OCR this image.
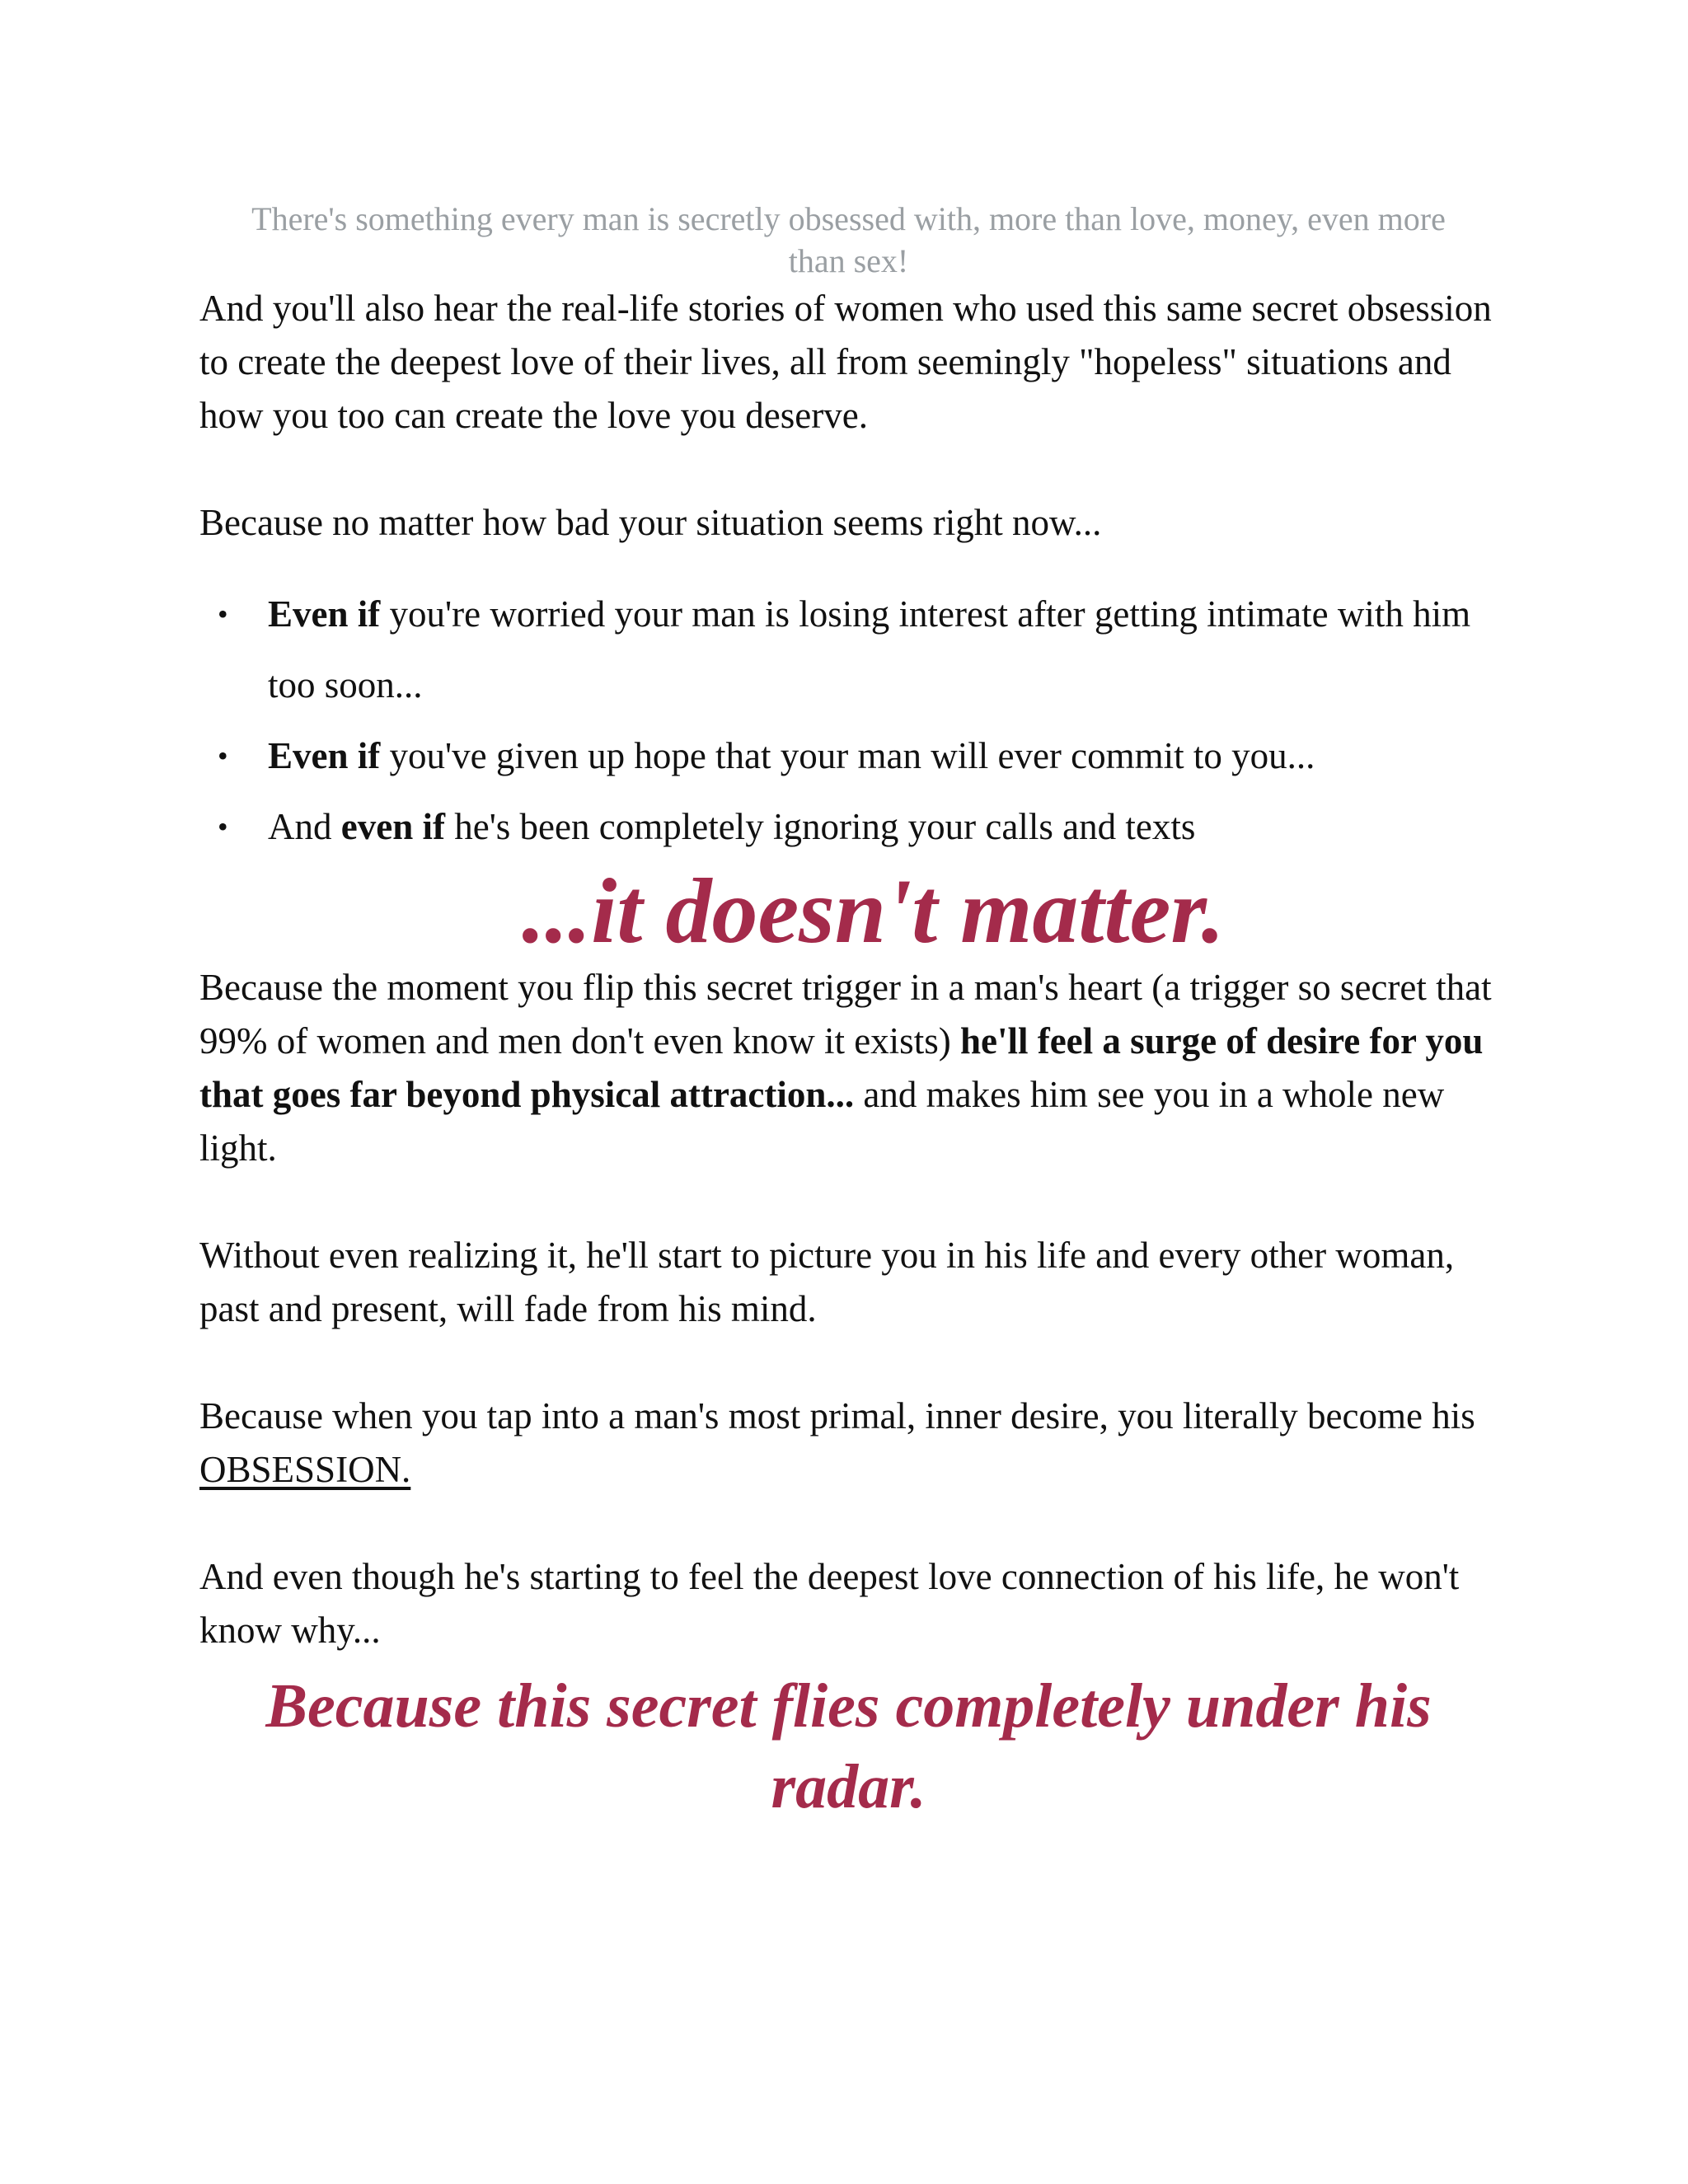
There's something every man is secretly obsessed with, more than love, money, even more than sex!

And you'll also hear the real-life stories of women who used this same secret obsession to create the deepest love of their lives, all from seemingly "hopeless" situations and how you too can create the love you deserve.

Because no matter how bad your situation seems right now...

• Even if you're worried your man is losing interest after getting intimate with him too soon...
• Even if you've given up hope that your man will ever commit to you...
• And even if he's been completely ignoring your calls and texts
...it doesn't matter.

Because the moment you flip this secret trigger in a man's heart (a trigger so secret that 99% of women and men don't even know it exists) he'll feel a surge of desire for you that goes far beyond physical attraction... and makes him see you in a whole new light.

Without even realizing it, he'll start to picture you in his life and every other woman, past and present, will fade from his mind.

Because when you tap into a man's most primal, inner desire, you literally become his OBSESSION.

And even though he's starting to feel the deepest love connection of his life, he won't know why...

Because this secret flies completely under his radar.
